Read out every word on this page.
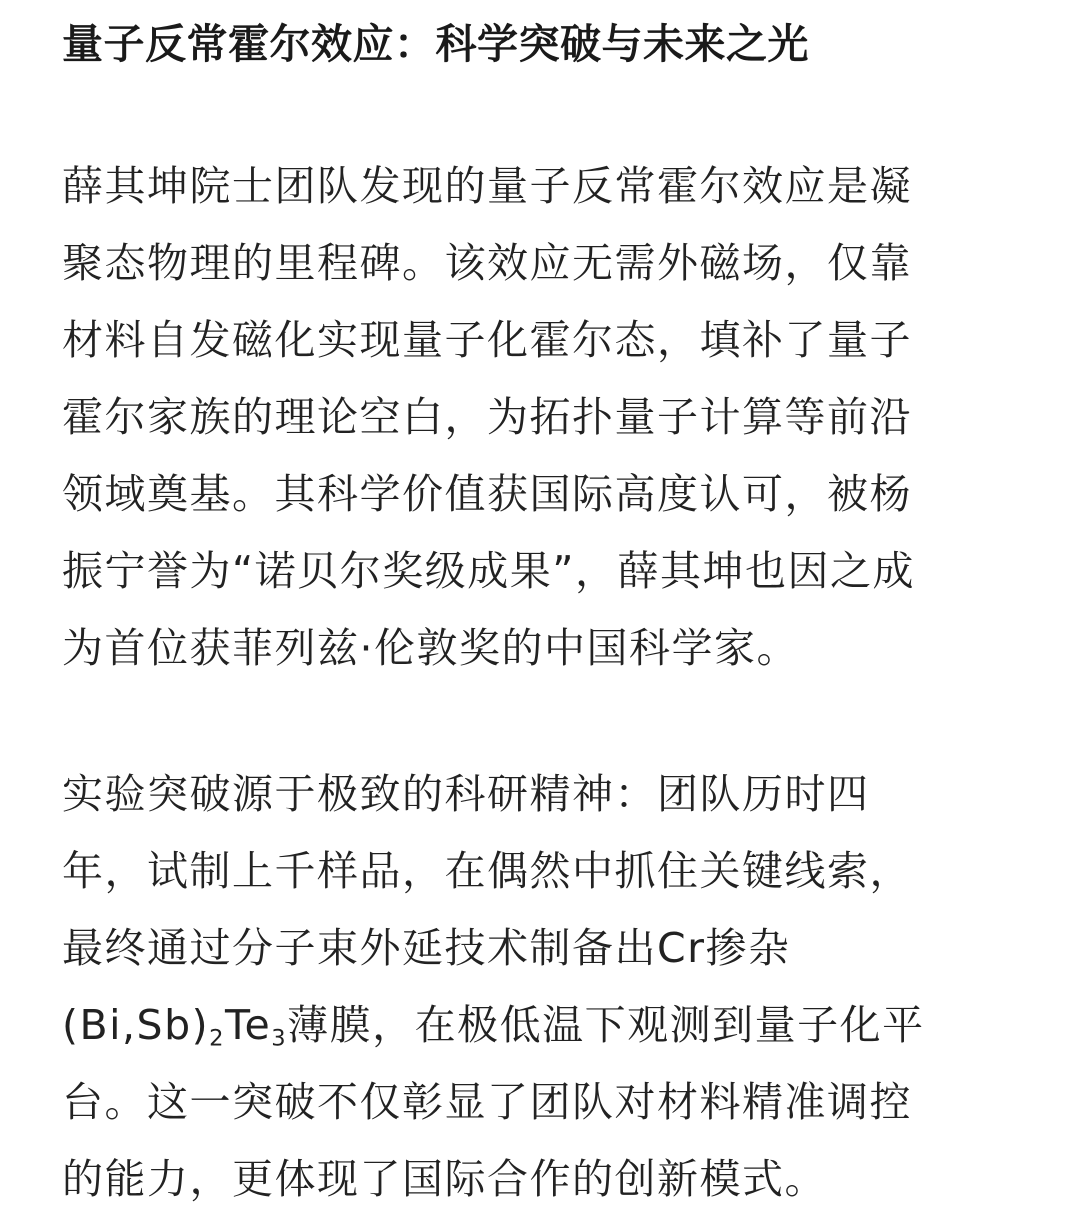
量子反常霍尔效应：科学突破与未来之光

薛其坤院士团队发现的量子反常霍尔效应是凝
聚态物理的里程碑。该效应无需外磁场，仅靠
材料自发磁化实现量子化霍尔态，填补了量子
霍尔家族的理论空白，为拓扑量子计算等前沿
领域奠基。其科学价值获国际高度认可，被杨
振宁誉为“诺贝尔奖级成果”，薛其坤也因之成
为首位获菲列兹·伦敦奖的中国科学家。

实验突破源于极致的科研精神：团队历时四
年，试制上千样品，在偶然中抓住关键线索，
最终通过分子束外延技术制备出Cr掺杂
$(Bi,Sb)_2Te_3$薄膜，在极低温下观测到量子化平
台。这一突破不仅彰显了团队对材料精准调控
的能力，更体现了国际合作的创新模式。
